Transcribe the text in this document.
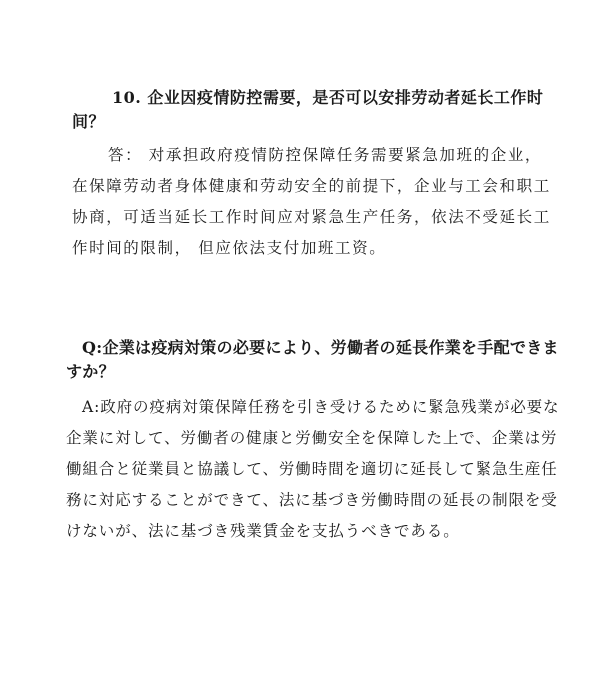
10. 企业因疫情防控需要，是否可以安排劳动者延长工作时间？

答： 对承担政府疫情防控保障任务需要紧急加班的企业，在保障劳动者身体健康和劳动安全的前提下，企业与工会和职工协商，可适当延长工作时间应对紧急生产任务，依法不受延长工作时间的限制， 但应依法支付加班工资。

Q:企業は疫病対策の必要により、労働者の延長作業を手配できますか？

A:政府の疫病対策保障任務を引き受けるために緊急残業が必要な企業に対して、労働者の健康と労働安全を保障した上で、企業は労働組合と従業員と協議して、労働時間を適切に延長して緊急生産任務に対応することができて、法に基づき労働時間の延長の制限を受けないが、法に基づき残業賃金を支払うべきである。
